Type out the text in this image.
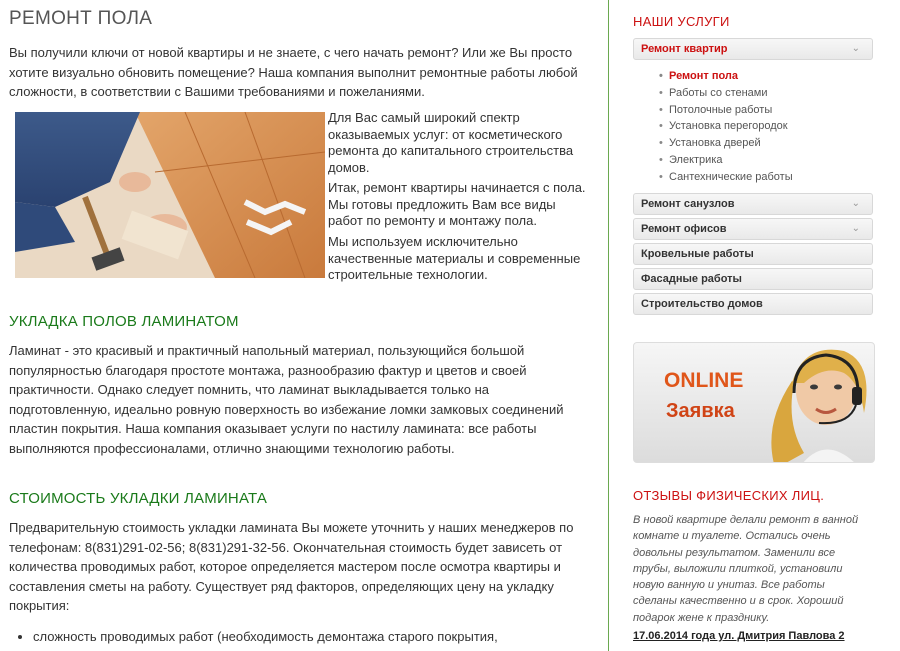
РЕМОНТ ПОЛА

Вы получили ключи от новой квартиры и не знаете, с чего начать ремонт? Или же Вы просто хотите визуально обновить помещение? Наша компания выполнит ремонтные работы любой сложности, в соответствии с Вашими требованиями и пожеланиями.

Для Вас самый широкий спектр оказываемых услуг: от косметического ремонта до капитального строительства домов.

Итак, ремонт квартиры начинается с пола. Мы готовы предложить Вам все виды работ по ремонту и монтажу пола.

Мы используем исключительно качественные материалы и современные строительные технологии.

УКЛАДКА ПОЛОВ ЛАМИНАТОМ

Ламинат - это красивый и практичный напольный материал, пользующийся большой популярностью благодаря простоте монтажа, разнообразию фактур и цветов и своей практичности. Однако следует помнить, что ламинат выкладывается только на подготовленную, идеально ровную поверхность во избежание ломки замковых соединений пластин покрытия. Наша компания оказывает услуги по настилу ламината: все работы выполняются профессионалами, отлично знающими технологию работы.

СТОИМОСТЬ УКЛАДКИ ЛАМИНАТА

Предварительную стоимость укладки ламината Вы можете уточнить у наших менеджеров по телефонам: 8(831)291-02-56; 8(831)291-32-56. Окончательная стоимость будет зависеть от количества проводимых работ, которое определяется мастером после осмотра квартиры и составления сметы на работу. Существует ряд факторов, определяющих цену на укладку покрытия:

• сложность проводимых работ (необходимость демонтажа старого покрытия,
НАШИ УСЛУГИ
Ремонт квартир	⌄
• Ремонт пола
• Работы со стенами
• Потолочные работы
• Установка перегородок
• Установка дверей
• Электрика
• Сантехнические работы
Ремонт санузлов	⌄
Ремонт офисов	⌄
Кровельные работы
Фасадные работы
Строительство домов
ONLINE
Заявка
ОТЗЫВЫ ФИЗИЧЕСКИХ ЛИЦ.

В новой квартире делали ремонт в ванной комнате и туалете. Остались очень довольны результатом. Заменили все трубы, выложили плиткой, установили новую ванную и унитаз. Все работы сделаны качественно и в срок. Хороший подарок жене к празднику.

17.06.2014 года ул. Дмитрия Павлова 2
